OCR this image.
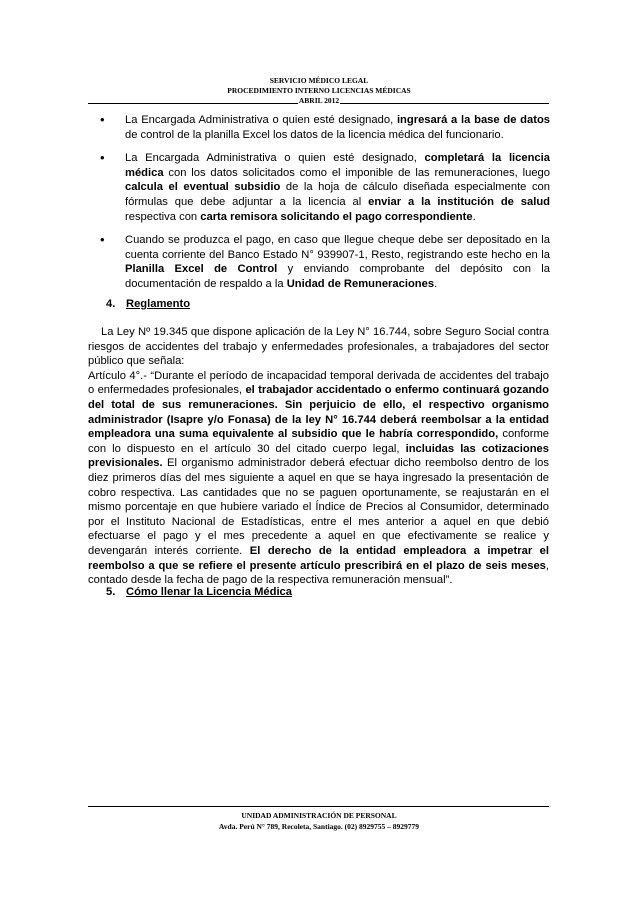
SERVICIO MÉDICO LEGAL
PROCEDIMIENTO INTERNO LICENCIAS MÉDICAS
ABRIL 2012
• La Encargada Administrativa o quien esté designado, ingresará a la base de datos de control de la planilla Excel los datos de la licencia médica del funcionario.
• La Encargada Administrativa o quien esté designado, completará la licencia médica con los datos solicitados como el imponible de las remuneraciones, luego calcula el eventual subsidio de la hoja de cálculo diseñada especialmente con fórmulas que debe adjuntar a la licencia al enviar a la institución de salud respectiva con carta remisora solicitando el pago correspondiente.
• Cuando se produzca el pago, en caso que llegue cheque debe ser depositado en la cuenta corriente del Banco Estado N° 939907-1, Resto, registrando este hecho en la Planilla Excel de Control y enviando comprobante del depósito con la documentación de respaldo a la Unidad de Remuneraciones.
4. Reglamento

La Ley Nº 19.345 que dispone aplicación de la Ley N° 16.744, sobre Seguro Social contra riesgos de accidentes del trabajo y enfermedades profesionales, a trabajadores del sector público que señala:

Artículo 4°.- “Durante el período de incapacidad temporal derivada de accidentes del trabajo o enfermedades profesionales, el trabajador accidentado o enfermo continuará gozando del total de sus remuneraciones. Sin perjuicio de ello, el respectivo organismo administrador (Isapre y/o Fonasa) de la ley N° 16.744 deberá reembolsar a la entidad empleadora una suma equivalente al subsidio que le habría correspondido, conforme con lo dispuesto en el artículo 30 del citado cuerpo legal, incluidas las cotizaciones previsionales. El organismo administrador deberá efectuar dicho reembolso dentro de los diez primeros días del mes siguiente a aquel en que se haya ingresado la presentación de cobro respectiva. Las cantidades que no se paguen oportunamente, se reajustarán en el mismo porcentaje en que hubiere variado el Índice de Precios al Consumidor, determinado por el Instituto Nacional de Estadísticas, entre el mes anterior a aquel en que debió efectuarse el pago y el mes precedente a aquel en que efectivamente se realice y devengarán interés corriente. El derecho de la entidad empleadora a impetrar el reembolso a que se refiere el presente artículo prescribirá en el plazo de seis meses, contado desde la fecha de pago de la respectiva remuneración mensual”.

5. Cómo llenar la Licencia Médica
UNIDAD ADMINISTRACIÓN DE PERSONAL
Avda. Perú N° 789, Recoleta, Santiago. (02) 8929755 – 8929779
